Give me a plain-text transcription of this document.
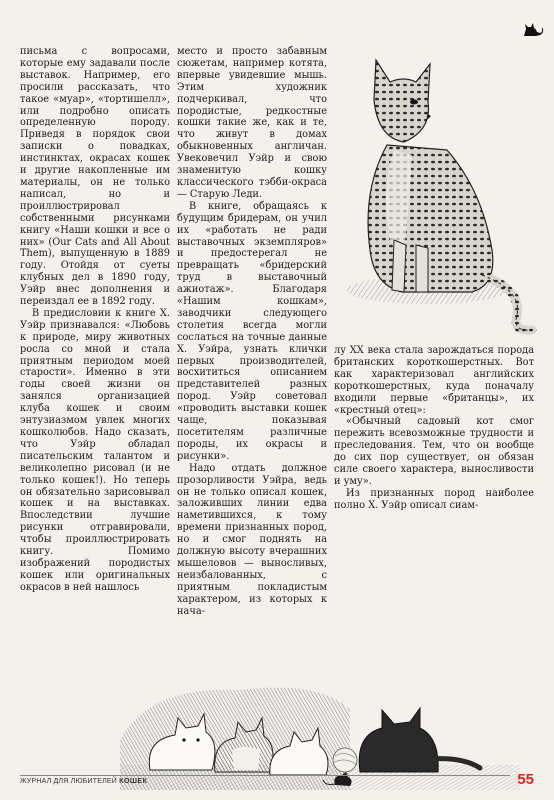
письма с вопросами, которые ему задавали после выставок. Например, его просили рассказать, что такое «муар», «тортишелл», или подробно описать определенную породу. Приведя в порядок свои записки о повадках, инстинктах, окрасах кошек и другие накопленные им материалы, он не только написал, но и проиллюстрировал собственными рисунками книгу «Наши кошки и все о них» (Our Cats and All About Them), выпущенную в 1889 году. Отойдя от суеты клубных дел в 1890 году, Уэйр внес дополнения и переиздал ее в 1892 году.

В предисловии к книге Х. Уэйр признавался: «Любовь к природе, миру животных росла со мной и стала приятным периодом моей старости». Именно в эти годы своей жизни он занялся организацией клуба кошек и своим энтузиазмом увлек многих кошколюбов. Надо сказать, что Уэйр обладал писательским талантом и великолепно рисовал (и не только кошек!). Но теперь он обязательно зарисовывал кошек и на выставках. Впоследствии лучшие рисунки отгравировали, чтобы проиллюстрировать книгу. Помимо изображений породистых кошек или оригинальных окрасов в ней нашлось

место и просто забавным сюжетам, например котята, впервые увидевшие мышь. Этим художник подчеркивал, что породистые, редкостные кошки такие же, как и те, что живут в домах обыкновенных англичан. Увековечил Уэйр и свою знаменитую кошку классического тэбби-окраса — Старую Леди.

В книге, обращаясь к будущим бридерам, он учил их «работать не ради выставочных экземпляров» и предостерегал не превращать «бридерский труд в выставочный ажиотаж». Благодаря «Нашим кошкам», заводчики следующего столетия всегда могли сослаться на точные данные Х. Уэйра, узнать клички первых производителей, восхититься описанием представителей разных пород. Уэйр советовал «проводить выставки кошек чаще, показывая посетителям различные породы, их окрасы и рисунки».

Надо отдать должное прозорливости Уэйра, ведь он не только описал кошек, заложивших линии едва наметившихся, к тому времени признанных пород, но и смог поднять на должную высоту вчерашних мышеловов — выносливых, неизбалованных, с приятным покладистым характером, из которых к нача-

лу XX века стала зарождаться порода британских короткошерстных. Вот как характеризовал английских короткошерстных, куда поначалу входили первые «британцы», их «крестный отец»:

«Обычный садовый кот смог пережить всевозможные трудности и преследования. Тем, что он вообще до сих пор существует, он обязан силе своего характера, выносливости и уму».

Из признанных пород наиболее полно Х. Уэйр описал сиам-

ЖУРНАЛ ДЛЯ ЛЮБИТЕЛЕЙ КОШЕК	55
